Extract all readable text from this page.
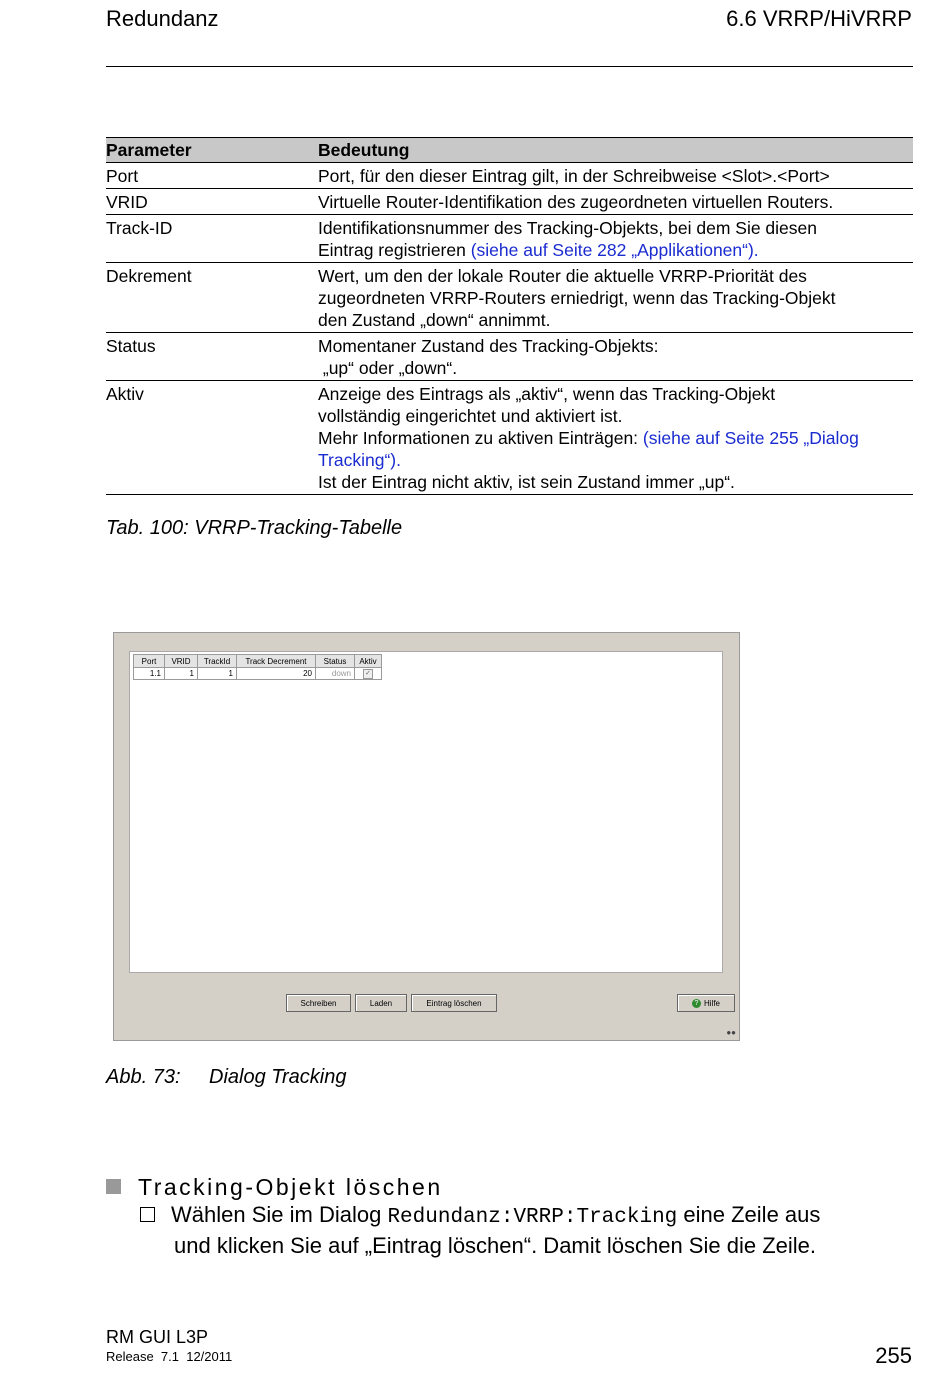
Redundanz	6.6 VRRP/HiVRRP
Parameter	Bedeutung
Port	Port, für den dieser Eintrag gilt, in der Schreibweise <Slot>.<Port>
VRID	Virtuelle Router-Identifikation des zugeordneten virtuellen Routers.
Track-ID	Identifikationsnummer des Tracking-Objekts, bei dem Sie diesen
Eintrag registrieren (siehe auf Seite 282 „Applikationen“).
Dekrement	Wert, um den der lokale Router die aktuelle VRRP-Priorität des
zugeordneten VRRP-Routers erniedrigt, wenn das Tracking-Objekt
den Zustand „down“ annimmt.
Status	Momentaner Zustand des Tracking-Objekts:
„up“ oder „down“.
Aktiv	Anzeige des Eintrags als „aktiv“, wenn das Tracking-Objekt
vollständig eingerichtet und aktiviert ist.
Mehr Informationen zu aktiven Einträgen: (siehe auf Seite 255 „Dialog
Tracking“).
Ist der Eintrag nicht aktiv, ist sein Zustand immer „up“.
Tab. 100: VRRP-Tracking-Tabelle
Port	VRID	TrackId	Track Decrement	Status	Aktiv
1.1	1	1	20	down	✓
Schreiben	Laden	Eintrag löschen	? Hilfe
●●
Abb. 73: Dialog Tracking
Tracking-Objekt löschen
Wählen Sie im Dialog Redundanz:VRRP:Tracking eine Zeile aus
und klicken Sie auf „Eintrag löschen“. Damit löschen Sie die Zeile.
RM GUI L3P
Release  7.1  12/2011	255
